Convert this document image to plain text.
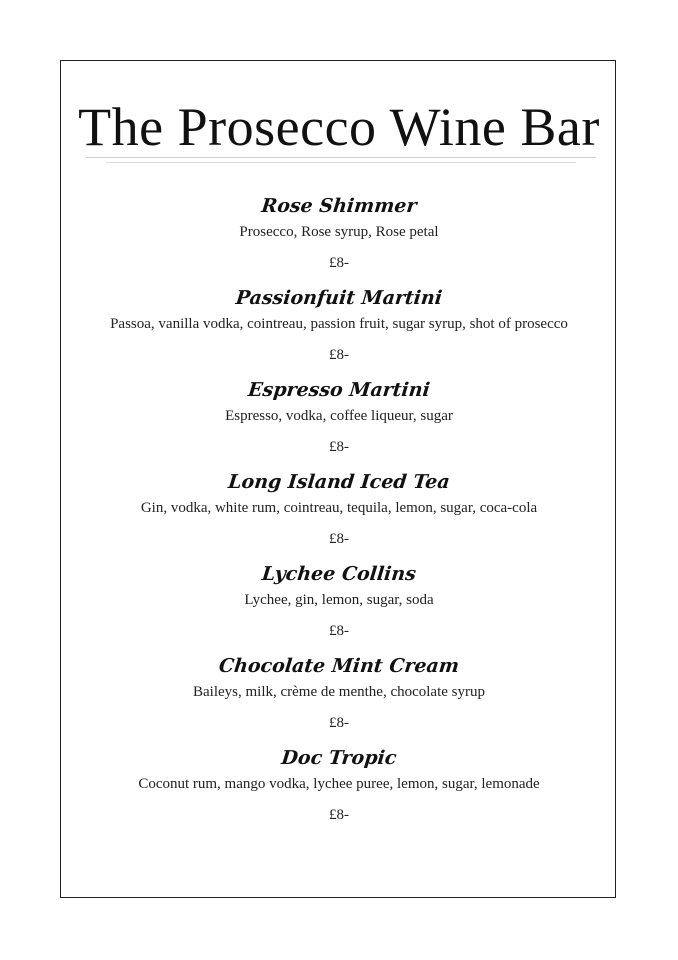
The Prosecco Wine Bar
Rose Shimmer
Prosecco, Rose syrup, Rose petal
£8-
Passionfuit Martini
Passoa, vanilla vodka, cointreau, passion fruit, sugar syrup, shot of prosecco
£8-
Espresso Martini
Espresso, vodka, coffee liqueur, sugar
£8-
Long Island Iced Tea
Gin, vodka, white rum, cointreau, tequila, lemon, sugar, coca-cola
£8-
Lychee Collins
Lychee, gin, lemon, sugar, soda
£8-
Chocolate Mint Cream
Baileys, milk, crème de menthe, chocolate syrup
£8-
Doc Tropic
Coconut rum, mango vodka, lychee puree, lemon, sugar, lemonade
£8-
